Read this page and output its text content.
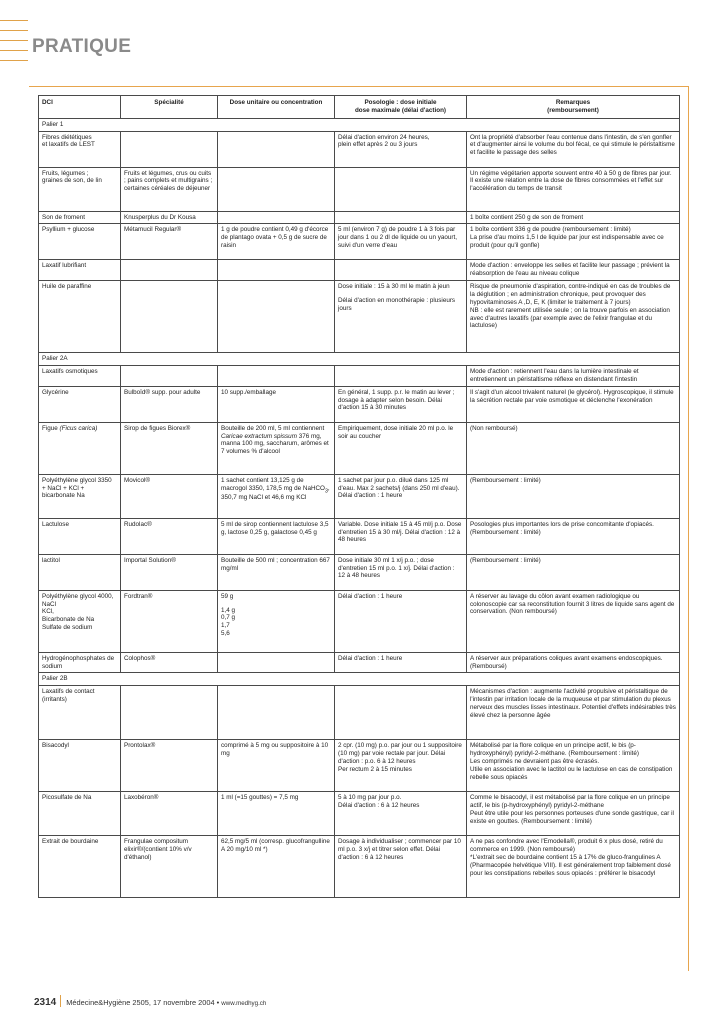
PRATIQUE
DCI	Spécialité	Dose unitaire ou concentration	Posologie : dose initiale
dose maximale (délai d'action)	Remarques
(remboursement)
Palier 1				
Fibres diététiques
et laxatifs de LEST			Délai d'action environ 24 heures,
plein effet après 2 ou 3 jours	Ont la propriété d'absorber l'eau contenue dans l'intestin, de s'en gonfler et d'augmenter ainsi le volume du bol fécal, ce qui stimule le péristaltisme et facilite le passage des selles
Fruits, légumes ;
graines de son, de lin	Fruits et légumes, crus ou cuits ; pains complets et multigrains ; certaines céréales de déjeuner			Un régime végétarien apporte souvent entre 40 à 50 g de fibres par jour. Il existe une relation entre la dose de fibres consommées et l'effet sur l'accélération du temps de transit
Son de froment	Knusperplus du Dr Kousa			1 boîte contient 250 g de son de froment
Psyllium + glucose	Métamucil Regular®	1 g de poudre contient 0,49 g d'écorce de plantago ovata + 0,5 g de sucre de raisin	5 ml (environ 7 g) de poudre 1 à 3 fois par jour dans 1 ou 2 dl de liquide ou un yaourt, suivi d'un verre d'eau	1 boîte contient 336 g de poudre (remboursement : limité)
La prise d'au moins 1,5 l de liquide par jour est indispensable avec ce produit (pour qu'il gonfle)
Laxatif lubrifiant				Mode d'action : enveloppe les selles et facilite leur passage ; prévient la réabsorption de l'eau au niveau colique
Huile de paraffine			Dose initiale : 15 à 30 ml le matin à jeun
Délai d'action en monothérapie : plusieurs jours	Risque de pneumonie d'aspiration, contre-indiqué en cas de troubles de la déglutition ; en administration chronique, peut provoquer des hypovitaminoses A ,D, E, K (limiter le traitement à 7 jours)
NB : elle est rarement utilisée seule ; on la trouve parfois en association avec d'autres laxatifs (par exemple avec de l'elixir frangulae et du lactulose)
Palier 2A				
Laxatifs osmotiques				Mode d'action : retiennent l'eau dans la lumière intestinale et entretiennent un péristaltisme réflexe en distendant l'intestin
Glycérine	Bulboïd® supp. pour adulte	10 supp./emballage	En général, 1 supp. p.r. le matin au lever ; dosage à adapter selon besoin. Délai d'action 15 à 30 minutes	Il s'agit d'un alcool trivalent naturel (le glycérol). Hygroscopique, il stimule la sécrétion rectale par voie osmotique et déclenche l'exonération
Figue (Ficus carica)	Sirop de figues Biorex®	Bouteille de 200 ml, 5 ml contiennent Caricae extractum spissum 376 mg, manna 100 mg, saccharum, arômes et 7 volumes % d'alcool	Empiriquement, dose initiale 20 ml p.o. le soir au coucher	(Non remboursé)
Polyéthylène glycol 3350 + NaCl + KCl + bicarbonate Na	Movicol®	1 sachet contient 13,125 g de macrogol 3350, 178,5 mg de NaHCO$_3$, 350,7 mg NaCl et 46,6 mg KCl	1 sachet par jour p.o. dilué dans 125 ml d'eau. Max 2 sachets/j (dans 250 ml d'eau). Délai d'action : 1 heure	(Remboursement : limité)
Lactulose	Rudolac®	5 ml de sirop contiennent lactulose 3,5 g, lactose 0,25 g, galactose 0,45 g	Variable. Dose initiale 15 à 45 ml/j p.o. Dose d'entretien 15 à 30 ml/j. Délai d'action : 12 à 48 heures	Posologies plus importantes lors de prise concomitante d'opiacés. (Remboursement : limité)
lactitol	Importal Solution®	Bouteille de 500 ml ; concentration 667 mg/ml	Dose initiale 30 ml 1 x/j p.o. ; dose d'entretien 15 ml p.o. 1 x/j. Délai d'action : 12 à 48 heures	(Remboursement : limité)
Polyéthylène glycol 4000,
NaCl
KCl,
Bicarbonate de Na
Sulfate de sodium	Fordtran®	59 g
1,4 g
0,7 g
1,7
5,6	Délai d'action : 1 heure	A réserver au lavage du côlon avant examen radiologique ou colonoscopie car sa reconstitution fournit 3 litres de liquide sans agent de conservation. (Non remboursé)
Hydrogénophosphates de sodium	Colophos®		Délai d'action : 1 heure	A réserver aux préparations coliques avant examens endoscopiques. (Remboursé)
Palier 2B				
Laxatifs de contact (irritants)				Mécanismes d'action : augmente l'activité propulsive et péristaltique de l'intestin par irritation locale de la muqueuse et par stimulation du plexus nerveux des muscles lisses intestinaux. Potentiel d'effets indésirables très élevé chez la personne âgée
Bisacodyl	Prontolax®	comprimé à 5 mg ou suppositoire à 10 mg	2 cpr. (10 mg) p.o. par jour ou 1 suppositoire (10 mg) par voie rectale par jour. Délai d'action : p.o. 6 à 12 heures
Per rectum 2 à 15 minutes	Métabolisé par la flore colique en un principe actif, le bis (p-hydroxyphényl) pyridyl-2-méthane. (Remboursement : limité)
Les comprimés ne devraient pas être écrasés.
Utile en association avec le lactitol ou le lactulose en cas de constipation rebelle sous opiacés
Picosulfate de Na	Laxobéron®	1 ml (=15 gouttes) = 7,5 mg	5 à 10 mg par jour p.o.
Délai d'action : 6 à 12 heures	Comme le bisacodyl, il est métabolisé par la flore colique en un principe actif, le bis (p-hydroxyphényl) pyridyl-2-méthane
Peut être utile pour les personnes porteuses d'une sonde gastrique, car il existe en gouttes. (Remboursement : limité)
Extrait de bourdaine	Frangulae compositum elixir®/(contient 10% v/v d'éthanol)	62,5 mg/5 ml (corresp. glucofrangulline A 20 mg/10 ml *)	Dosage à individualiser ; commencer par 10 ml p.o. 3 x/j et titrer selon effet. Délai d'action : 6 à 12 heures	A ne pas confondre avec l'Emodella®, produit 6 x plus dosé, retiré du commerce en 1999. (Non remboursé)
*L'extrait sec de bourdaine contient 15 à 17% de gluco-frangulines A (Pharmacopée helvétique VIII). Il est généralement trop faiblement dosé pour les constipations rebelles sous opiacés : préférer le bisacodyl
2314 Médecine&Hygiène 2505, 17 novembre 2004 • www.medhyg.ch
